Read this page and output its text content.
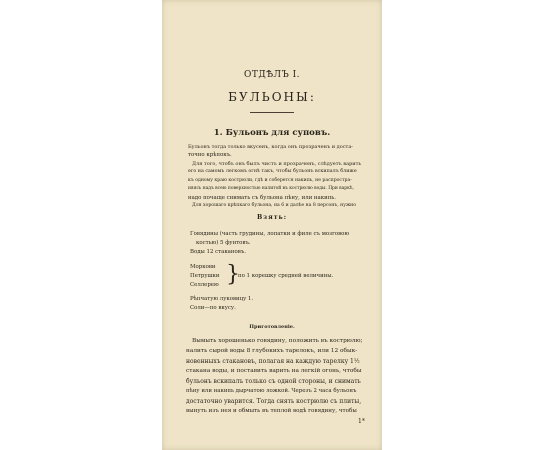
ОТДѢЛЪ I.
БУЛЬОНЫ:
1. Бульонъ для суповъ.
Бульонъ тогда только вкусенъ, когда онъ прозраченъ и доста-
точно крѣпокъ.
Для того, чтобъ онъ былъ чистъ и прозраченъ, слѣдуетъ варить
его на самомъ легкомъ огнѣ такъ, чтобы бульонъ вскипалъ ближе
къ одному краю кострюли, гдѣ и соберется накипь, не распростра-
няясь надъ всею поверхностью налитой въ кострюлю воды. При варкѣ,
надо почаще снимать съ бульона пѣну, или накипь.
Для хорошаго крѣпкаго бульона, на 6 и далѣе на 8 персонъ, нужно
Взять:
Говядины (часть грудины, лопатки и филе съ мозговою
костью) 5 фунтовъ.
Воды 12 стакановъ.
Моркови
Петрушки
Селлерею }
по 1 корешку средней величины.
Рѣпчатую луковицу 1.
Соли—по вкусу.
Приготовленіе.
Вымыть хорошенько говядину, положить въ кострюлю;
налить сырой воды 8 глубокихъ тарелокъ, или 12 обык-
новенныхъ стакановъ, полагая на каждую тарелку 1½
стакана воды, и поставить варить на легкій огонь, чтобы
бульонъ вскипалъ только съ одной стороны, и снимать
пѣну или накипь дырчатою ложкой. Черезъ 2 часа бульонъ
достаточно уварится. Тогда снять кострюлю съ плиты,
вынуть изъ нея и обмыть въ теплой водѣ говядину, чтобы
1*
